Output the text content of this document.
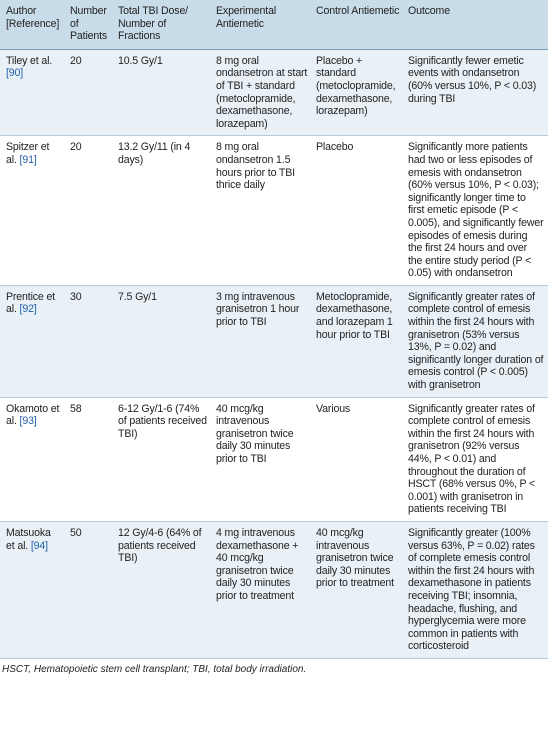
Author [Reference]	Number of Patients	Total TBI Dose/ Number of Fractions	Experimental Antiemetic	Control Antiemetic	Outcome
Tiley et al. [90]	20	10.5 Gy/1	8 mg oral ondansetron at start of TBI + standard (metoclopramide, dexamethasone, lorazepam)	Placebo + standard (metoclopramide, dexamethasone, lorazepam)	Significantly fewer emetic events with ondansetron (60% versus 10%, P < 0.03) during TBI
Spitzer et al. [91]	20	13.2 Gy/11 (in 4 days)	8 mg oral ondansetron 1.5 hours prior to TBI thrice daily	Placebo	Significantly more patients had two or less episodes of emesis with ondansetron (60% versus 10%, P < 0.03); significantly longer time to first emetic episode (P < 0.005), and significantly fewer episodes of emesis during the first 24 hours and over the entire study period (P < 0.05) with ondansetron
Prentice et al. [92]	30	7.5 Gy/1	3 mg intravenous granisetron 1 hour prior to TBI	Metoclopramide, dexamethasone, and lorazepam 1 hour prior to TBI	Significantly greater rates of complete control of emesis within the first 24 hours with granisetron (53% versus 13%, P = 0.02) and significantly longer duration of emesis control (P < 0.005) with granisetron
Okamoto et al. [93]	58	6-12 Gy/1-6 (74% of patients received TBI)	40 mcg/kg intravenous granisetron twice daily 30 minutes prior to TBI	Various	Significantly greater rates of complete control of emesis within the first 24 hours with granisetron (92% versus 44%, P < 0.01) and throughout the duration of HSCT (68% versus 0%, P < 0.001) with granisetron in patients receiving TBI
Matsuoka et al. [94]	50	12 Gy/4-6 (64% of patients received TBI)	4 mg intravenous dexamethasone + 40 mcg/kg granisetron twice daily 30 minutes prior to treatment	40 mcg/kg intravenous granisetron twice daily 30 minutes prior to treatment	Significantly greater (100% versus 63%, P = 0.02) rates of complete emesis control within the first 24 hours with dexamethasone in patients receiving TBI; insomnia, headache, flushing, and hyperglycemia were more common in patients with corticosteroid
HSCT, Hematopoietic stem cell transplant; TBI, total body irradiation.
